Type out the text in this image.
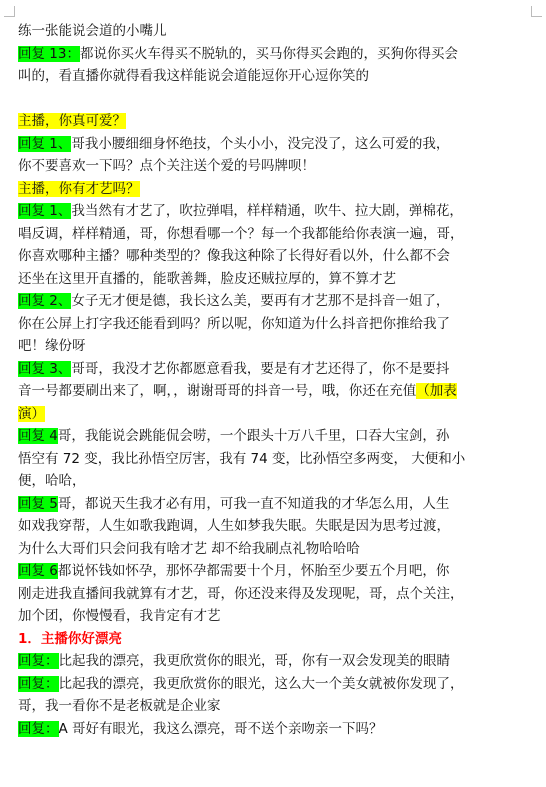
练一张能说会道的小嘴儿
回复 13：都说你买火车得买不脱轨的，买马你得买会跑的，买狗你得买会
叫的，看直播你就得看我这样能说会道能逗你开心逗你笑的
主播，你真可爱？
回复 1、哥我小腰细细身怀绝技，个头小小，没完没了，这么可爱的我，
你不要喜欢一下吗？点个关注送个爱的号吗牌呗！
主播，你有才艺吗？
回复 1、我当然有才艺了，吹拉弹唱，样样精通，吹牛、拉大剧，弹棉花，
唱反调，样样精通，哥，你想看哪一个？每一个我都能给你表演一遍，哥，
你喜欢哪种主播？哪种类型的？像我这种除了长得好看以外，什么都不会
还坐在这里开直播的，能歌善舞，脸皮还贼拉厚的，算不算才艺
回复 2、女子无才便是德，我长这么美，要再有才艺那不是抖音一姐了，
你在公屏上打字我还能看到吗？所以呢，你知道为什么抖音把你推给我了
吧！缘份呀
回复 3、哥哥，我没才艺你都愿意看我，要是有才艺还得了，你不是要抖
音一号都要刷出来了，啊，，谢谢哥哥的抖音一号，哦，你还在充值（加表
演）
回复 4哥，我能说会跳能侃会唠，一个跟头十万八千里，口吞大宝剑，孙
悟空有 72 变，我比孙悟空厉害，我有 74 变，比孙悟空多两变， 大便和小
便，哈哈，
回复 5哥，都说天生我才必有用，可我一直不知道我的才华怎么用，人生
如戏我穿帮，人生如歌我跑调，人生如梦我失眠。失眠是因为思考过渡，
为什么大哥们只会问我有啥才艺 却不给我刷点礼物哈哈哈
回复 6都说怀钱如怀孕，那怀孕都需要十个月，怀胎至少要五个月吧，你
刚走进我直播间我就算有才艺，哥，你还没来得及发现呢，哥，点个关注，
加个团，你慢慢看，我肯定有才艺
1．主播你好漂亮
回复：比起我的漂亮，我更欣赏你的眼光，哥，你有一双会发现美的眼睛
回复：比起我的漂亮，我更欣赏你的眼光，这么大一个美女就被你发现了，
哥，我一看你不是老板就是企业家
回复：A 哥好有眼光，我这么漂亮，哥不送个亲吻亲一下吗？
